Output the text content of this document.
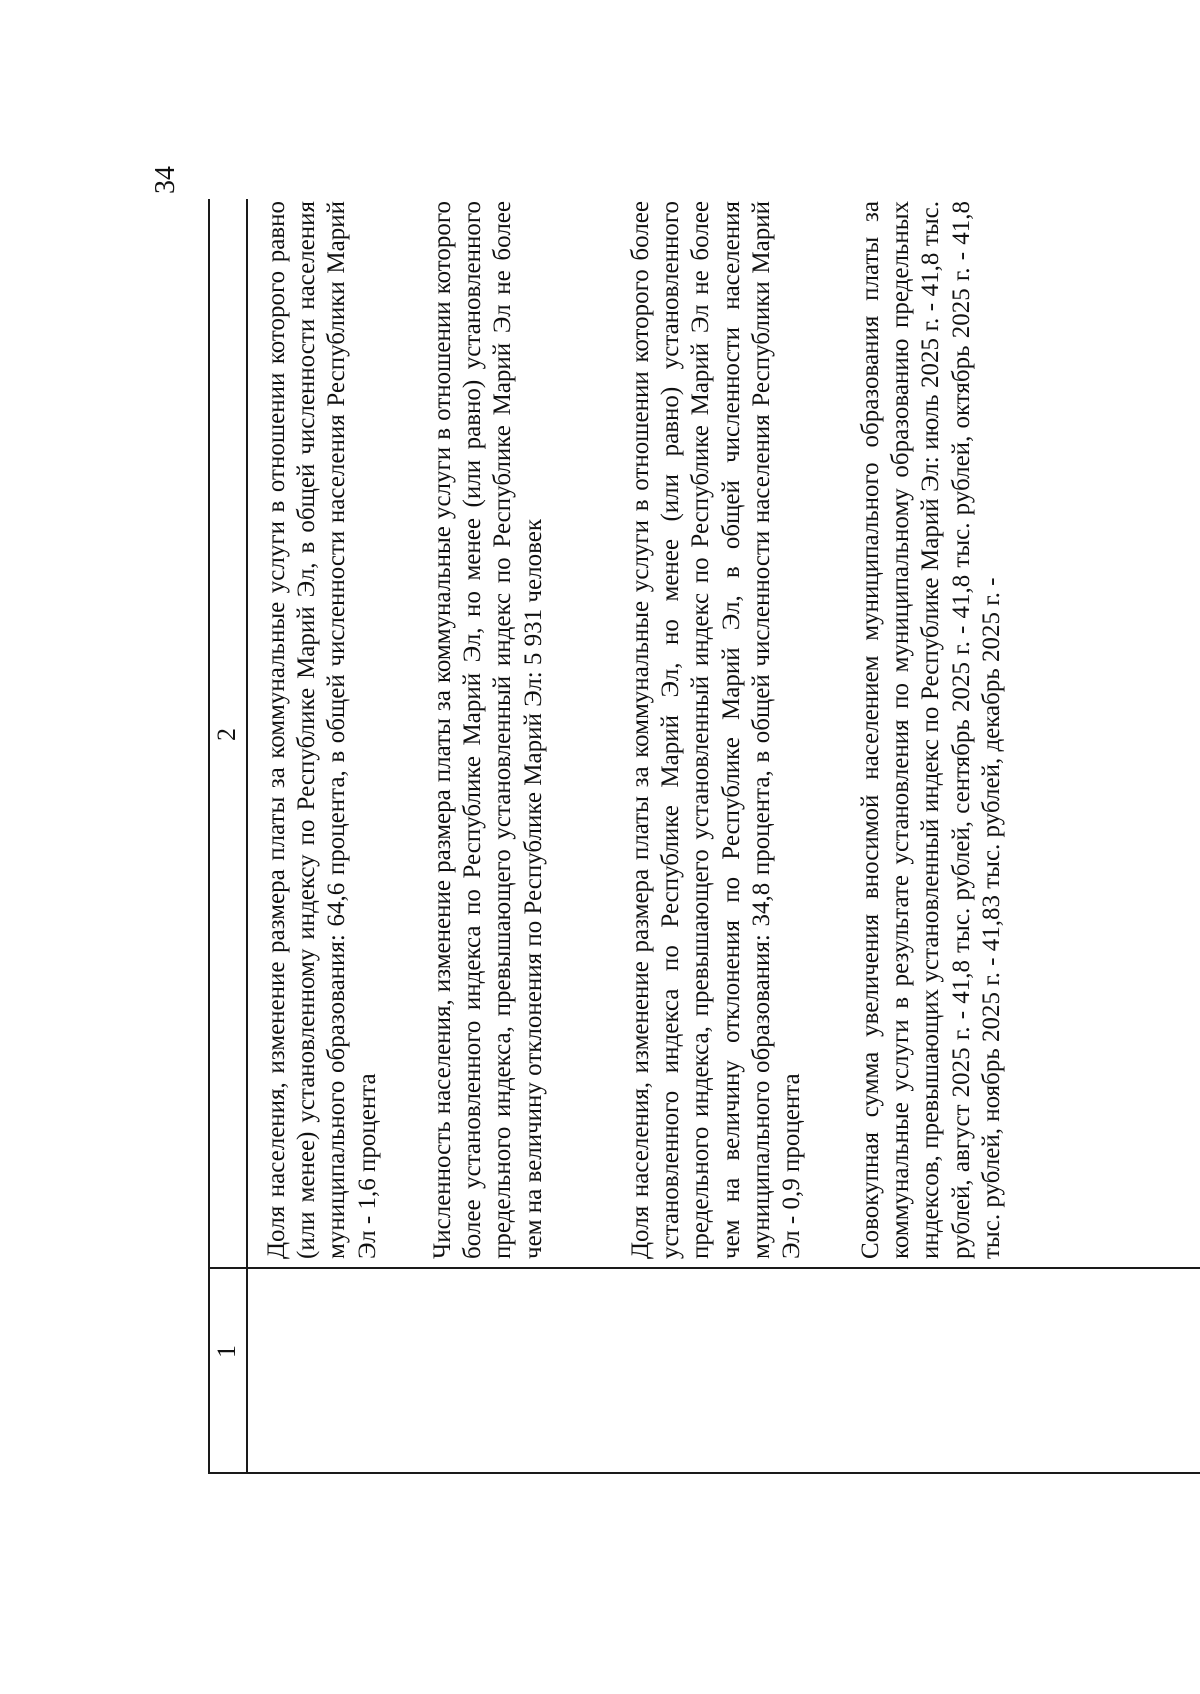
34
1
2 Доля населения, изменение размера платы за коммунальные услуги в отношении которого равно (или менее) установленному индексу по Республике Марий Эл, в общей численности населения муниципального образования: 64,6 процента, в общей численности населения Республики Марий Эл - 1,6 процента Численность населения, изменение размера платы за коммунальные услуги в отношении которого более установленного индекса по Республике Марий Эл, но менее (или равно) установленного предельного индекса, превышающего установленный индекс по Республике Марий Эл не более чем на величину отклонения по Республике Марий Эл: 5 931 человек	Доля населения, изменение размера платы за коммунальные услуги в отношении которого более установленного индекса по Республике Марий Эл, но менее (или равно) установленного предельного индекса, превышающего установленный индекс по Республике Марий Эл не более чем на величину отклонения по Республике Марий Эл, в общей численности населения муниципального образования: 34,8 процента, в общей численности населения Республики Марий Эл - 0,9 процента Совокупная сумма увеличения вносимой населением муниципального образования платы за коммунальные услуги в результате установления по муниципальному образованию предельных индексов, превышающих установленный индекс по Республике Марий Эл: июль 2025 г. - 41,8 тыс. рублей, август 2025 г. - 41,8 тыс. рублей, сентябрь 2025 г. - 41,8 тыс. рублей, октябрь 2025 г. - 41,8 тыс. рублей, ноябрь 2025 г. - 41,83 тыс. рублей, декабрь 2025 г. -
